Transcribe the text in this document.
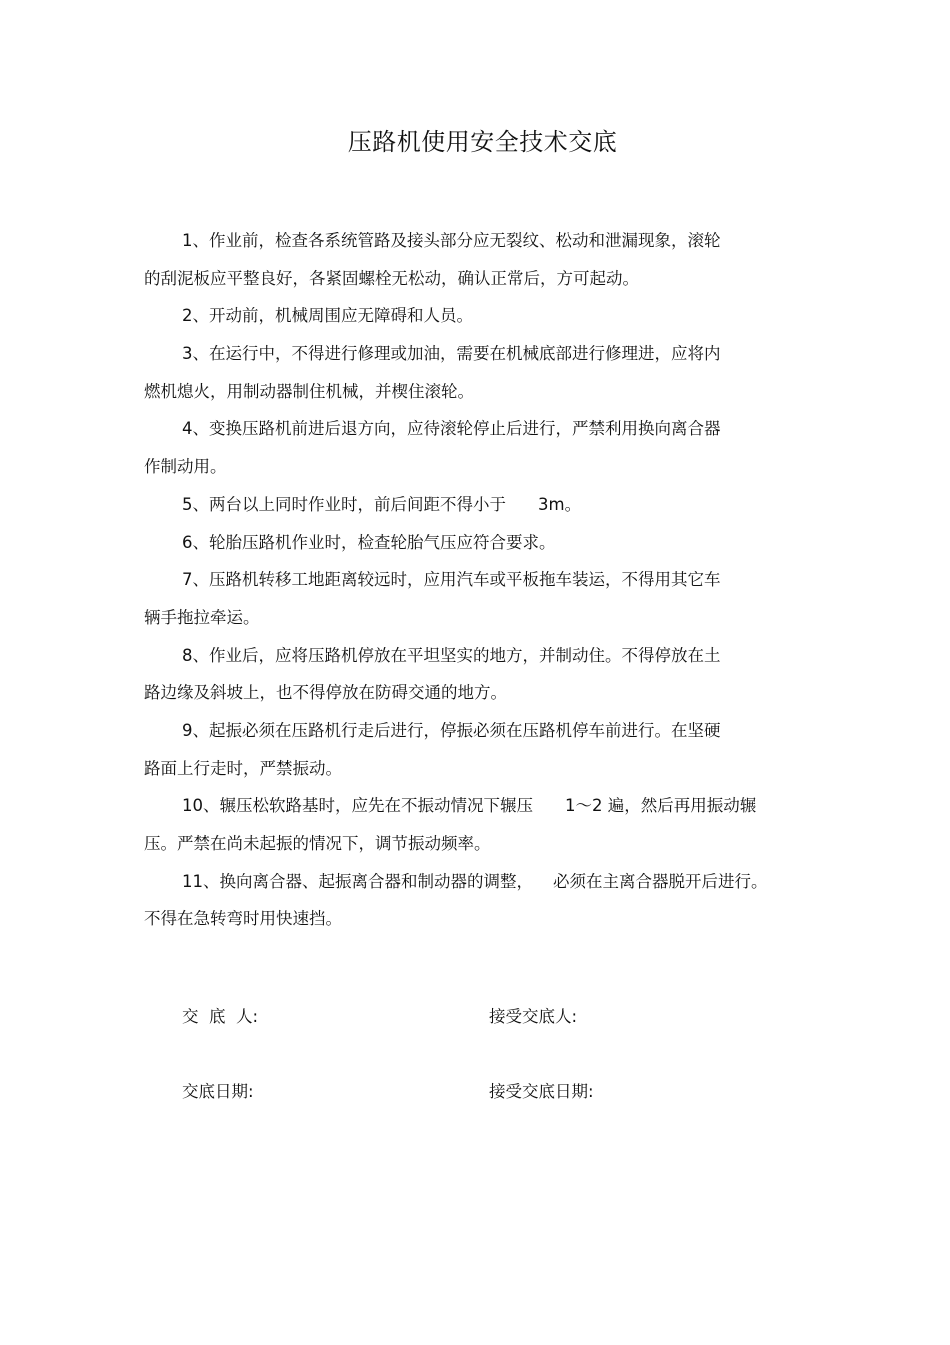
压路机使用安全技术交底
1、作业前，检查各系统管路及接头部分应无裂纹、松动和泄漏现象，滚轮
的刮泥板应平整良好，各紧固螺栓无松动，确认正常后，方可起动。
2、开动前，机械周围应无障碍和人员。
3、在运行中，不得进行修理或加油，需要在机械底部进行修理进，应将内
燃机熄火，用制动器制住机械，并楔住滚轮。
4、变换压路机前进后退方向，应待滚轮停止后进行，严禁利用换向离合器
作制动用。
5、两台以上同时作业时，前后间距不得小于 3m。
6、轮胎压路机作业时，检查轮胎气压应符合要求。
7、压路机转移工地距离较远时，应用汽车或平板拖车装运，不得用其它车
辆手拖拉牵运。
8、作业后，应将压路机停放在平坦坚实的地方，并制动住。不得停放在土
路边缘及斜坡上，也不得停放在防碍交通的地方。
9、起振必须在压路机行走后进行，停振必须在压路机停车前进行。在坚硬
路面上行走时，严禁振动。
10、辗压松软路基时，应先在不振动情况下辗压 1～2 遍，然后再用振动辗
压。严禁在尚未起振的情况下，调节振动频率。
11、换向离合器、起振离合器和制动器的调整， 必须在主离合器脱开后进行。
不得在急转弯时用快速挡。
交  底  人:	接受交底人:
交底日期:	接受交底日期:
